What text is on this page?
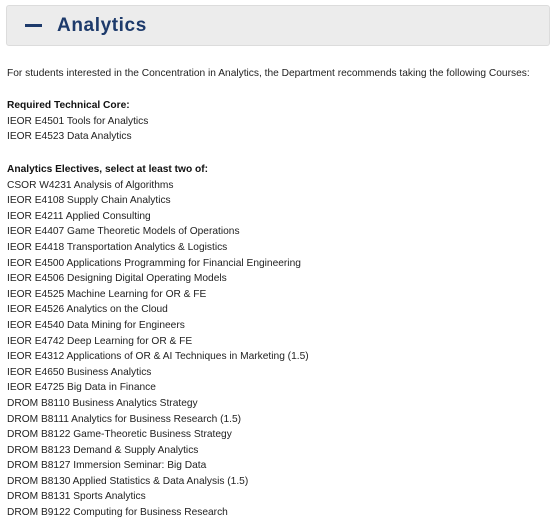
Analytics
For students interested in the Concentration in Analytics, the Department recommends taking the following Courses:
Required Technical Core:
IEOR E4501 Tools for Analytics
IEOR E4523 Data Analytics
Analytics Electives, select at least two of:
CSOR W4231 Analysis of Algorithms
IEOR E4108 Supply Chain Analytics
IEOR E4211 Applied Consulting
IEOR E4407 Game Theoretic Models of Operations
IEOR E4418 Transportation Analytics & Logistics
IEOR E4500 Applications Programming for Financial Engineering
IEOR E4506 Designing Digital Operating Models
IEOR E4525 Machine Learning for OR & FE
IEOR E4526 Analytics on the Cloud
IEOR E4540 Data Mining for Engineers
IEOR E4742 Deep Learning for OR & FE
IEOR E4312 Applications of OR & AI Techniques in Marketing (1.5)
IEOR E4650 Business Analytics
IEOR E4725 Big Data in Finance
DROM B8110 Business Analytics Strategy
DROM B8111 Analytics for Business Research (1.5)
DROM B8122 Game-Theoretic Business Strategy
DROM B8123 Demand & Supply Analytics
DROM B8127 Immersion Seminar: Big Data
DROM B8130 Applied Statistics & Data Analysis (1.5)
DROM B8131 Sports Analytics
DROM B9122 Computing for Business Research
